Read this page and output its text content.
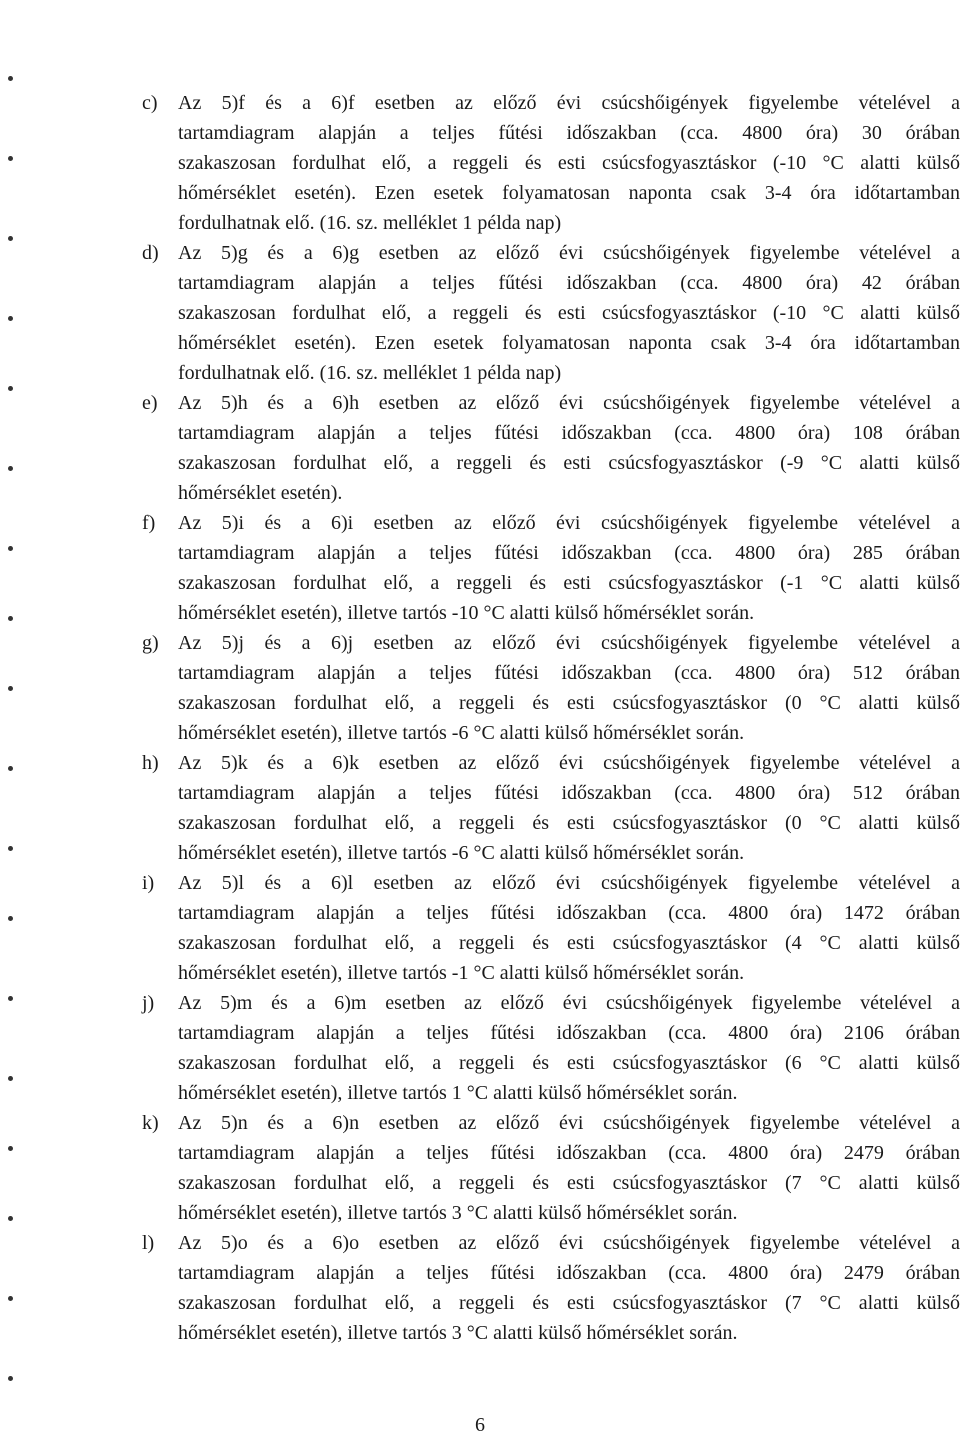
c) Az 5)f és a 6)f esetben az előző évi csúcshőigények figyelembe vételével a
tartamdiagram alapján a teljes fűtési időszakban (cca. 4800 óra) 30 órában
szakaszosan fordulhat elő, a reggeli és esti csúcsfogyasztáskor (-10 °C alatti külső
hőmérséklet esetén). Ezen esetek folyamatosan naponta csak 3-4 óra időtartamban
fordulhatnak elő. (16. sz. melléklet 1 példa nap)
d) Az 5)g és a 6)g esetben az előző évi csúcshőigények figyelembe vételével a
tartamdiagram alapján a teljes fűtési időszakban (cca. 4800 óra) 42 órában
szakaszosan fordulhat elő, a reggeli és esti csúcsfogyasztáskor (-10 °C alatti külső
hőmérséklet esetén). Ezen esetek folyamatosan naponta csak 3-4 óra időtartamban
fordulhatnak elő. (16. sz. melléklet 1 példa nap)
e) Az 5)h és a 6)h esetben az előző évi csúcshőigények figyelembe vételével a
tartamdiagram alapján a teljes fűtési időszakban (cca. 4800 óra) 108 órában
szakaszosan fordulhat elő, a reggeli és esti csúcsfogyasztáskor (-9 °C alatti külső
hőmérséklet esetén).
f) Az 5)i és a 6)i esetben az előző évi csúcshőigények figyelembe vételével a
tartamdiagram alapján a teljes fűtési időszakban (cca. 4800 óra) 285 órában
szakaszosan fordulhat elő, a reggeli és esti csúcsfogyasztáskor (-1 °C alatti külső
hőmérséklet esetén), illetve tartós -10 °C alatti külső hőmérséklet során.
g) Az 5)j és a 6)j esetben az előző évi csúcshőigények figyelembe vételével a
tartamdiagram alapján a teljes fűtési időszakban (cca. 4800 óra) 512 órában
szakaszosan fordulhat elő, a reggeli és esti csúcsfogyasztáskor (0 °C alatti külső
hőmérséklet esetén), illetve tartós -6 °C alatti külső hőmérséklet során.
h) Az 5)k és a 6)k esetben az előző évi csúcshőigények figyelembe vételével a
tartamdiagram alapján a teljes fűtési időszakban (cca. 4800 óra) 512 órában
szakaszosan fordulhat elő, a reggeli és esti csúcsfogyasztáskor (0 °C alatti külső
hőmérséklet esetén), illetve tartós -6 °C alatti külső hőmérséklet során.
i) Az 5)l és a 6)l esetben az előző évi csúcshőigények figyelembe vételével a
tartamdiagram alapján a teljes fűtési időszakban (cca. 4800 óra) 1472 órában
szakaszosan fordulhat elő, a reggeli és esti csúcsfogyasztáskor (4 °C alatti külső
hőmérséklet esetén), illetve tartós -1 °C alatti külső hőmérséklet során.
j) Az 5)m és a 6)m esetben az előző évi csúcshőigények figyelembe vételével a
tartamdiagram alapján a teljes fűtési időszakban (cca. 4800 óra) 2106 órában
szakaszosan fordulhat elő, a reggeli és esti csúcsfogyasztáskor (6 °C alatti külső
hőmérséklet esetén), illetve tartós 1 °C alatti külső hőmérséklet során.
k) Az 5)n és a 6)n esetben az előző évi csúcshőigények figyelembe vételével a
tartamdiagram alapján a teljes fűtési időszakban (cca. 4800 óra) 2479 órában
szakaszosan fordulhat elő, a reggeli és esti csúcsfogyasztáskor (7 °C alatti külső
hőmérséklet esetén), illetve tartós 3 °C alatti külső hőmérséklet során.
l) Az 5)o és a 6)o esetben az előző évi csúcshőigények figyelembe vételével a
tartamdiagram alapján a teljes fűtési időszakban (cca. 4800 óra) 2479 órában
szakaszosan fordulhat elő, a reggeli és esti csúcsfogyasztáskor (7 °C alatti külső
hőmérséklet esetén), illetve tartós 3 °C alatti külső hőmérséklet során.
6
